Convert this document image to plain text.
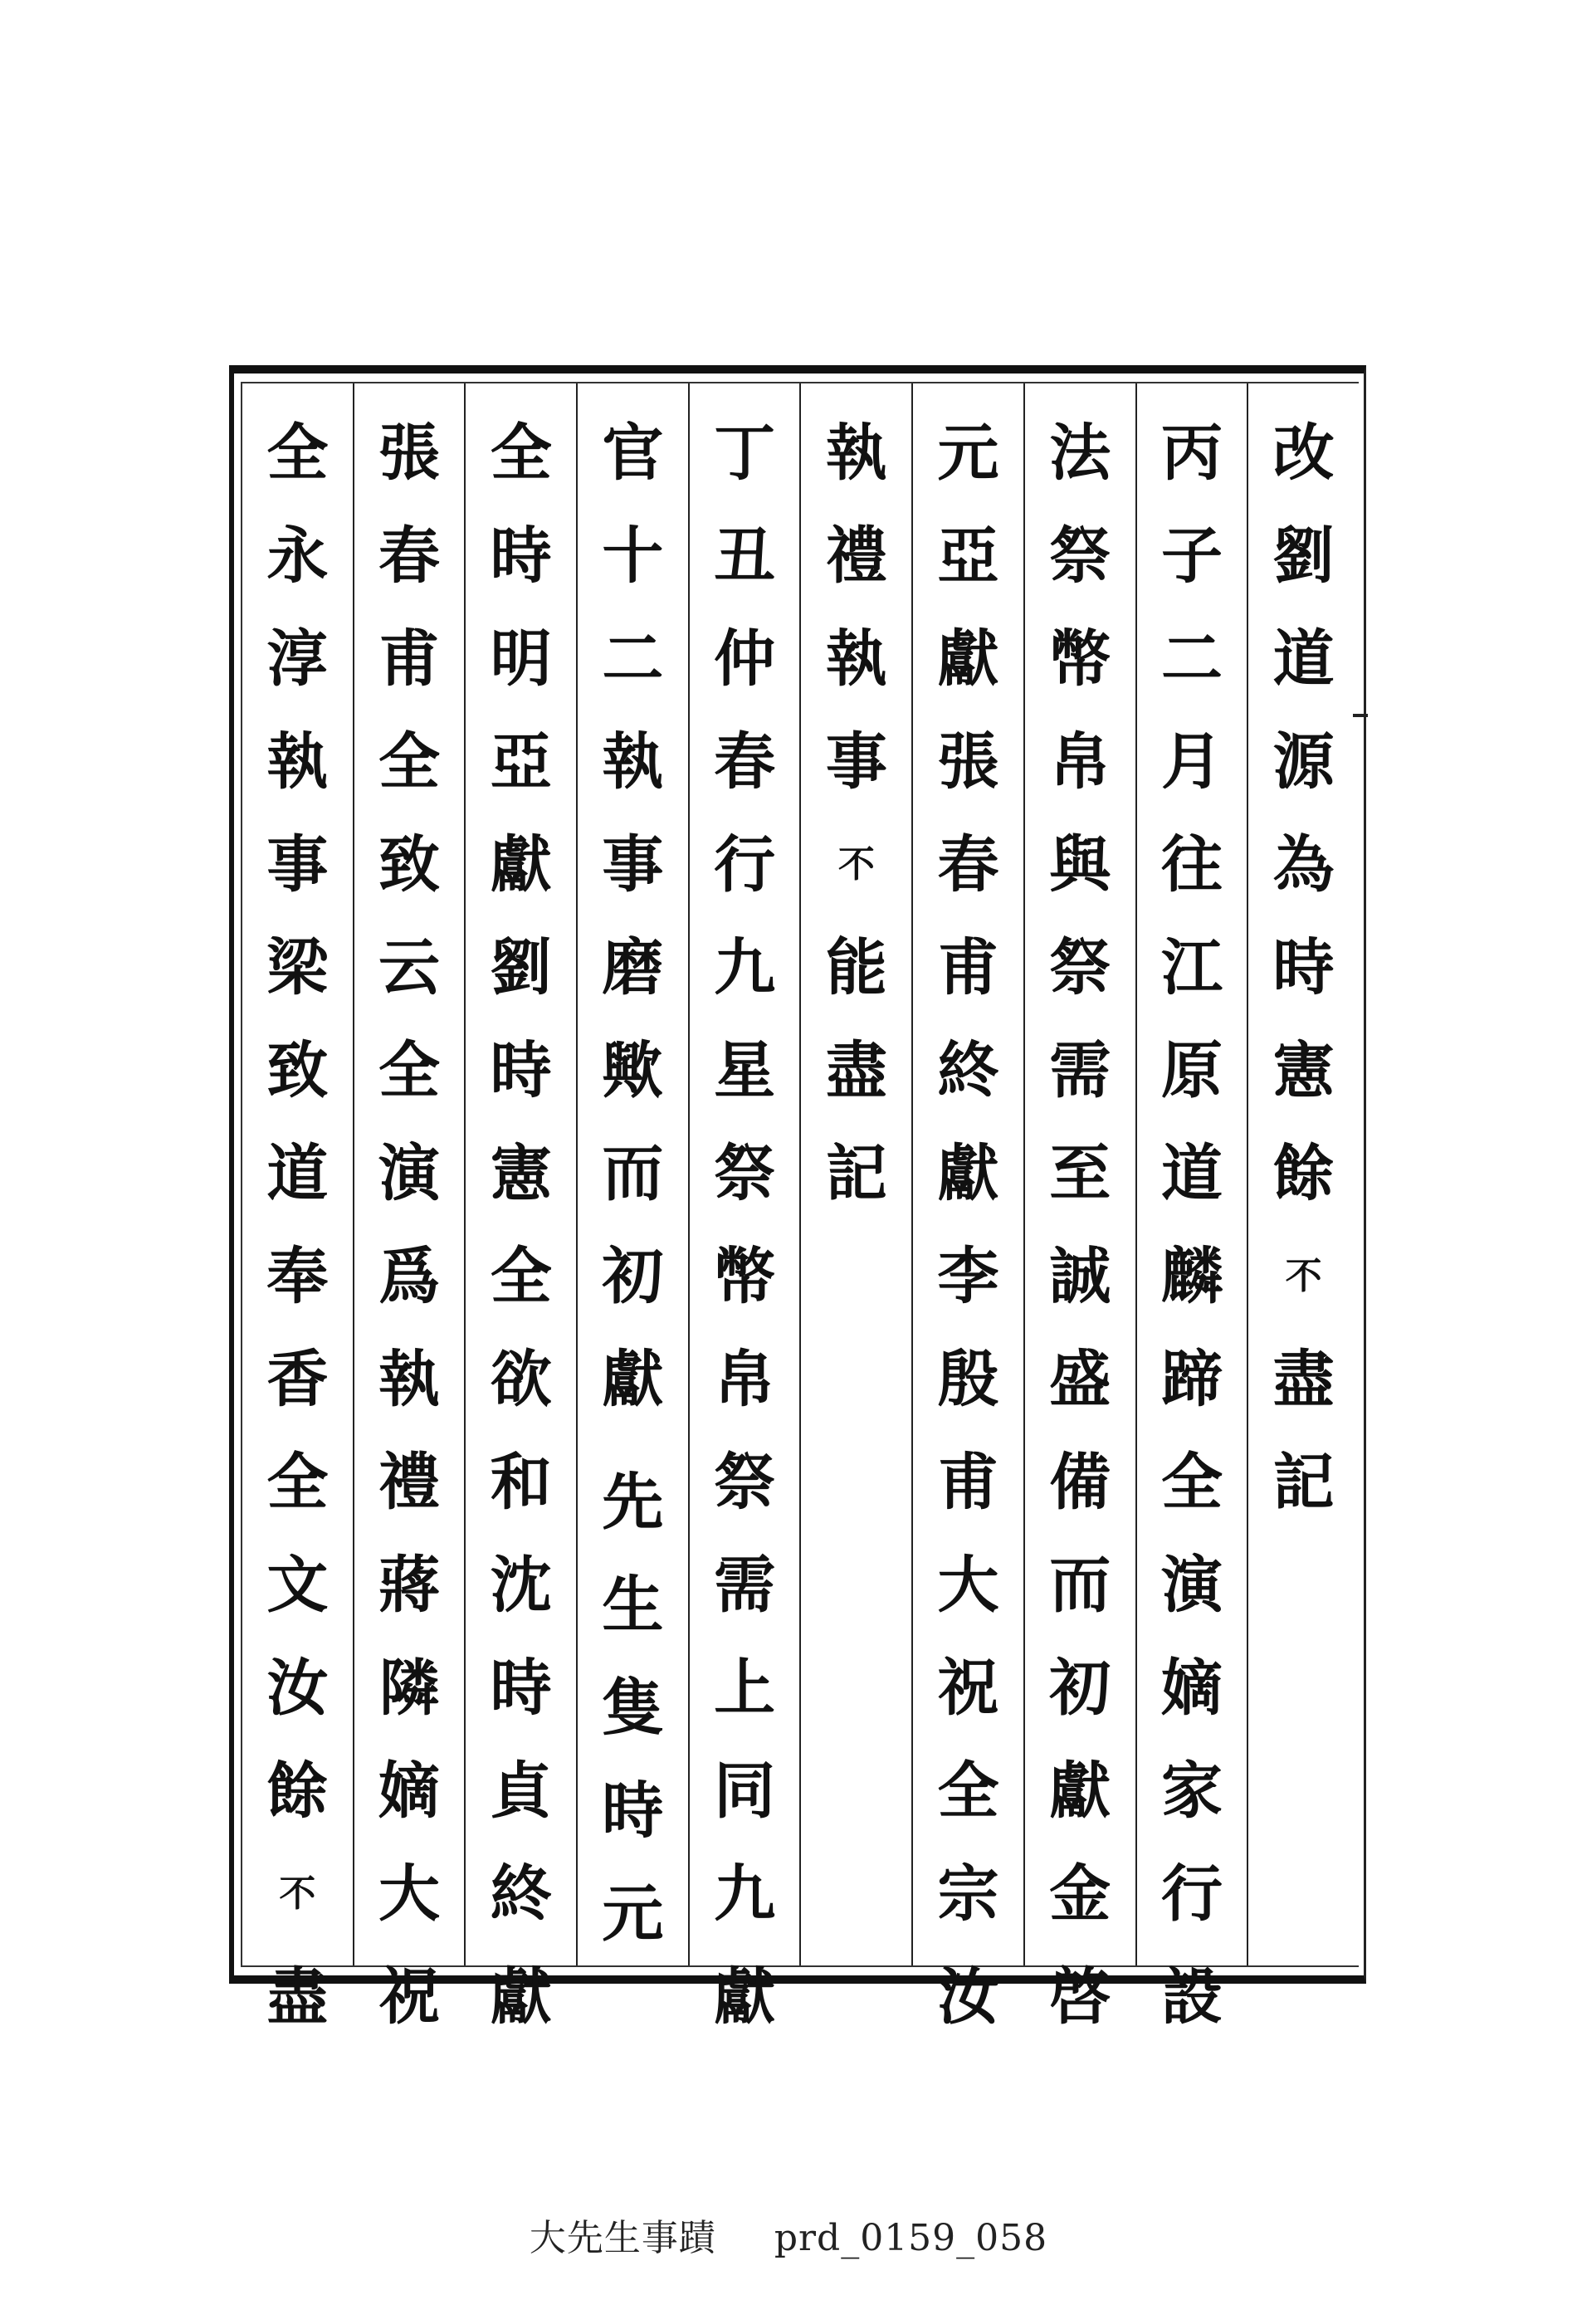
改
劉
道
源
為
時
憲
餘
不
盡
記
丙
子
二
月
往
江
原
道
麟
蹄
全
演
嫡
家
行
設
法
祭
幣
帛
與
祭
需
至
誠
盛
備
而
初
獻
金
啓
元
亞
獻
張
春
甫
終
獻
李
殷
甫
大
祝
全
宗
汝
執
禮
執
事
不
能
盡
記
丁
丑
仲
春
行
九
星
祭
幣
帛
祭
需
上
同
九
獻
官
十
二
執
事
磨
歟
而
初
獻
先
生
隻
時
元
全
時
明
亞
獻
劉
時
憲
全
欲
和
沈
時
貞
終
獻
張
春
甫
全
致
云
全
演
爲
執
禮
蔣
隣
嫡
大
祝
全
永
淳
執
事
梁
致
道
奉
香
全
文
汝
餘
不
盡
大先生事蹟 prd_0159_058
